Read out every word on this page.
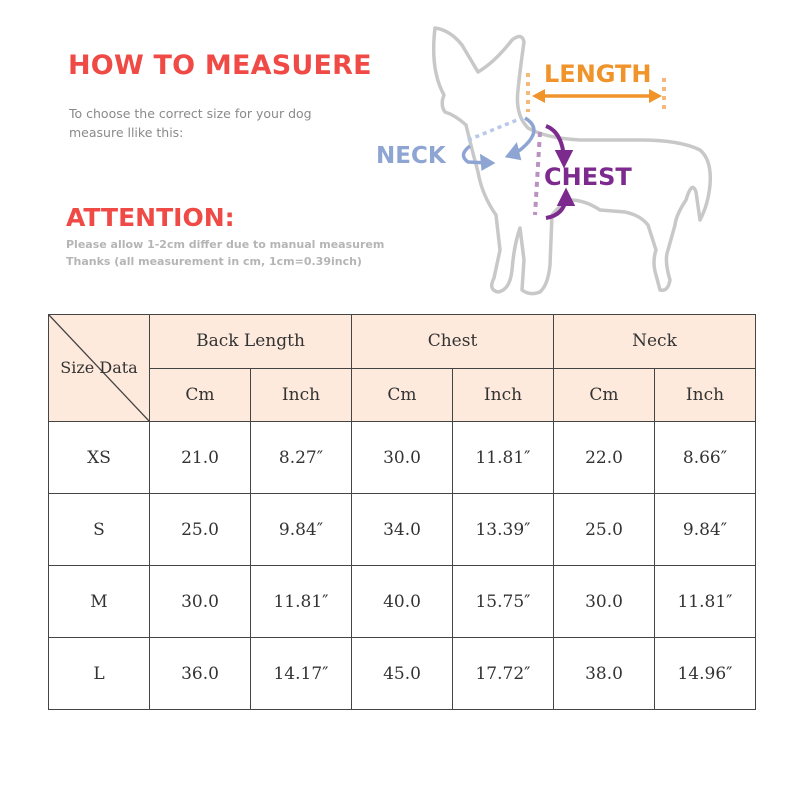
HOW TO MEASUERE
To choose the correct size for your dog
measure llike this:
ATTENTION:
Please allow 1-2cm differ due to manual measurem
Thanks (all measurement in cm, 1cm=0.39inch)
LENGTH
NECK
CHEST
Size Data	Back Length		Chest		Neck	
	Cm	Inch	Cm	Inch	Cm	Inch
XS	21.0	8.27″	30.0	11.81″	22.0	8.66″
S	25.0	9.84″	34.0	13.39″	25.0	9.84″
M	30.0	11.81″	40.0	15.75″	30.0	11.81″
L	36.0	14.17″	45.0	17.72″	38.0	14.96″
